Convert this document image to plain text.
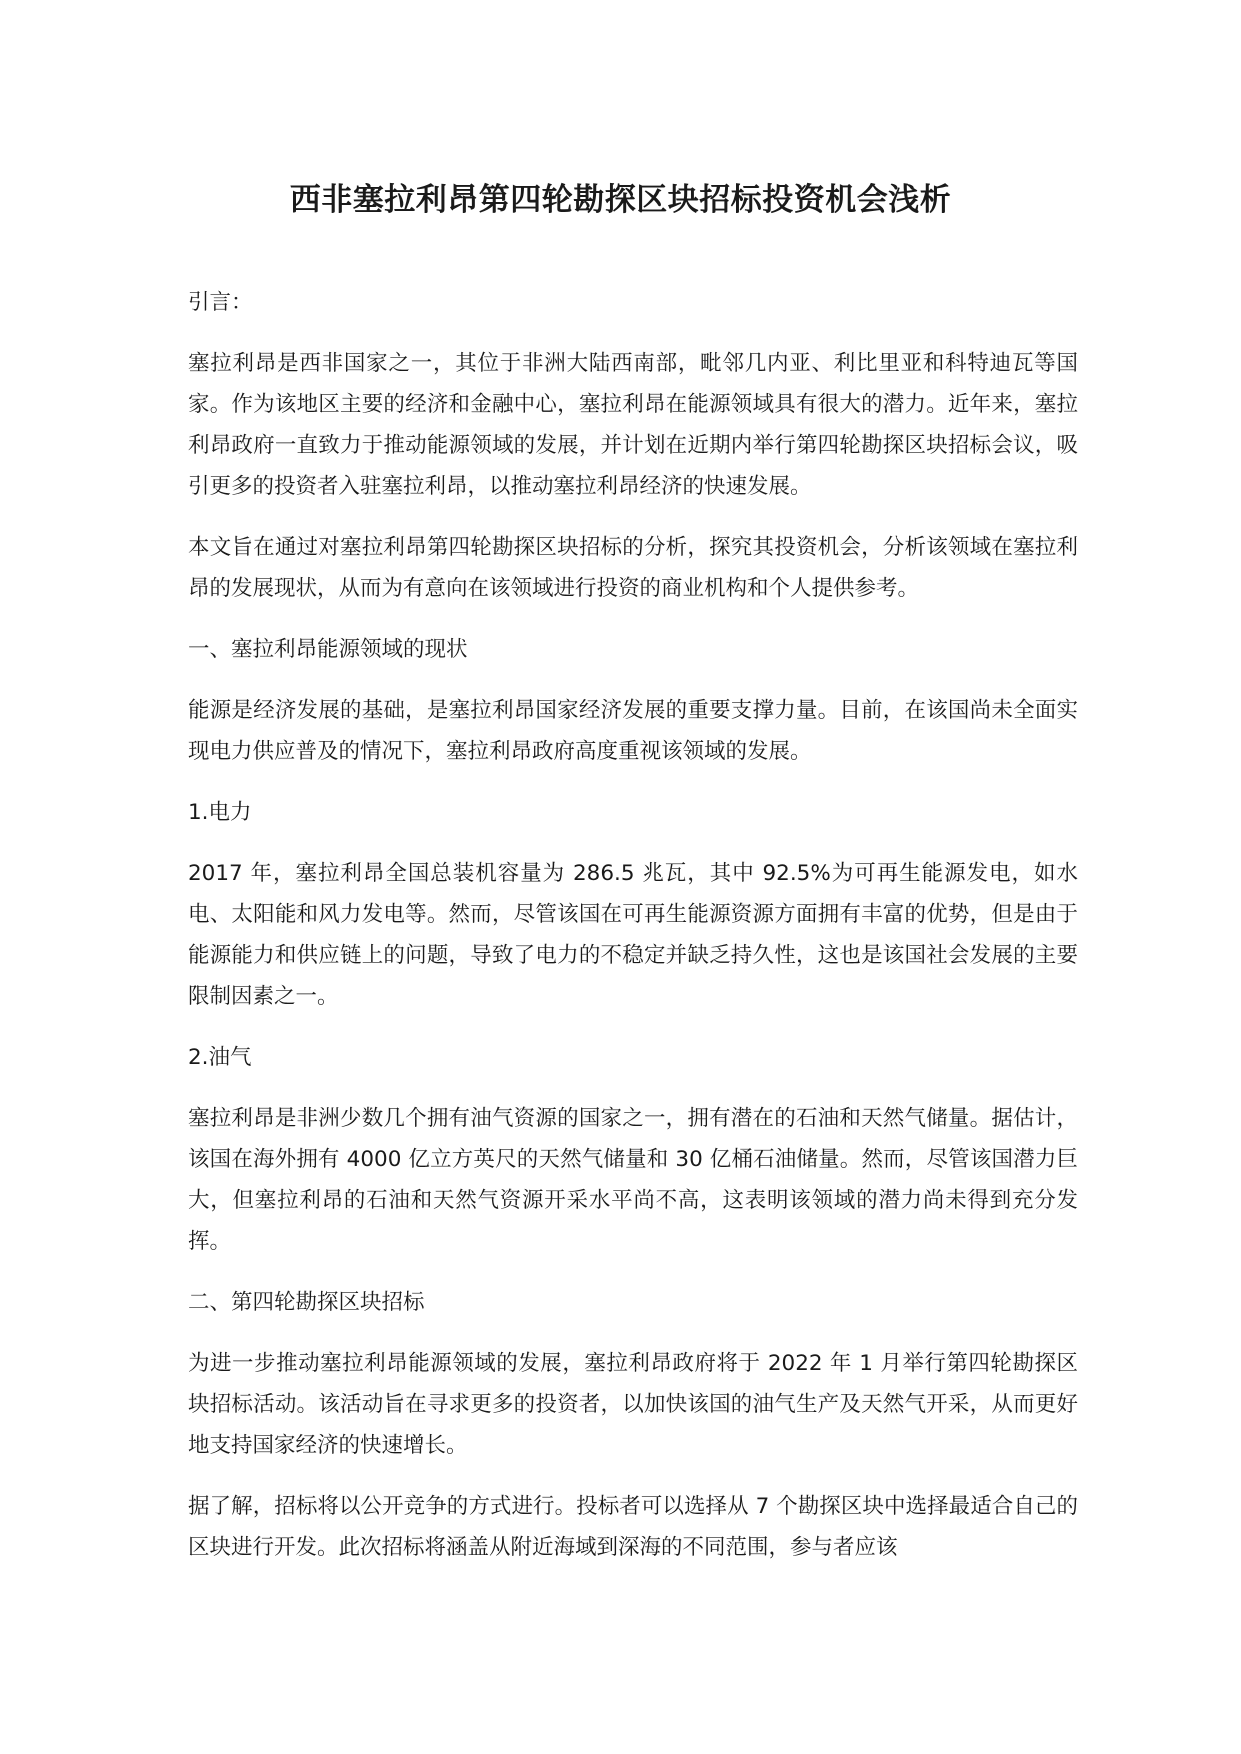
西非塞拉利昂第四轮勘探区块招标投资机会浅析

引言：

塞拉利昂是西非国家之一，其位于非洲大陆西南部，毗邻几内亚、利比里亚和科特迪瓦等国家。作为该地区主要的经济和金融中心，塞拉利昂在能源领域具有很大的潜力。近年来，塞拉利昂政府一直致力于推动能源领域的发展，并计划在近期内举行第四轮勘探区块招标会议，吸引更多的投资者入驻塞拉利昂，以推动塞拉利昂经济的快速发展。

本文旨在通过对塞拉利昂第四轮勘探区块招标的分析，探究其投资机会，分析该领域在塞拉利昂的发展现状，从而为有意向在该领域进行投资的商业机构和个人提供参考。

一、塞拉利昂能源领域的现状

能源是经济发展的基础，是塞拉利昂国家经济发展的重要支撑力量。目前，在该国尚未全面实现电力供应普及的情况下，塞拉利昂政府高度重视该领域的发展。

1.电力

2017 年，塞拉利昂全国总装机容量为 286.5 兆瓦，其中 92.5%为可再生能源发电，如水电、太阳能和风力发电等。然而，尽管该国在可再生能源资源方面拥有丰富的优势，但是由于能源能力和供应链上的问题，导致了电力的不稳定并缺乏持久性，这也是该国社会发展的主要限制因素之一。

2.油气

塞拉利昂是非洲少数几个拥有油气资源的国家之一，拥有潜在的石油和天然气储量。据估计，该国在海外拥有 4000 亿立方英尺的天然气储量和 30 亿桶石油储量。然而，尽管该国潜力巨大，但塞拉利昂的石油和天然气资源开采水平尚不高，这表明该领域的潜力尚未得到充分发挥。

二、第四轮勘探区块招标

为进一步推动塞拉利昂能源领域的发展，塞拉利昂政府将于 2022 年 1 月举行第四轮勘探区块招标活动。该活动旨在寻求更多的投资者，以加快该国的油气生产及天然气开采，从而更好地支持国家经济的快速增长。

据了解，招标将以公开竞争的方式进行。投标者可以选择从 7 个勘探区块中选择最适合自己的区块进行开发。此次招标将涵盖从附近海域到深海的不同范围，参与者应该
